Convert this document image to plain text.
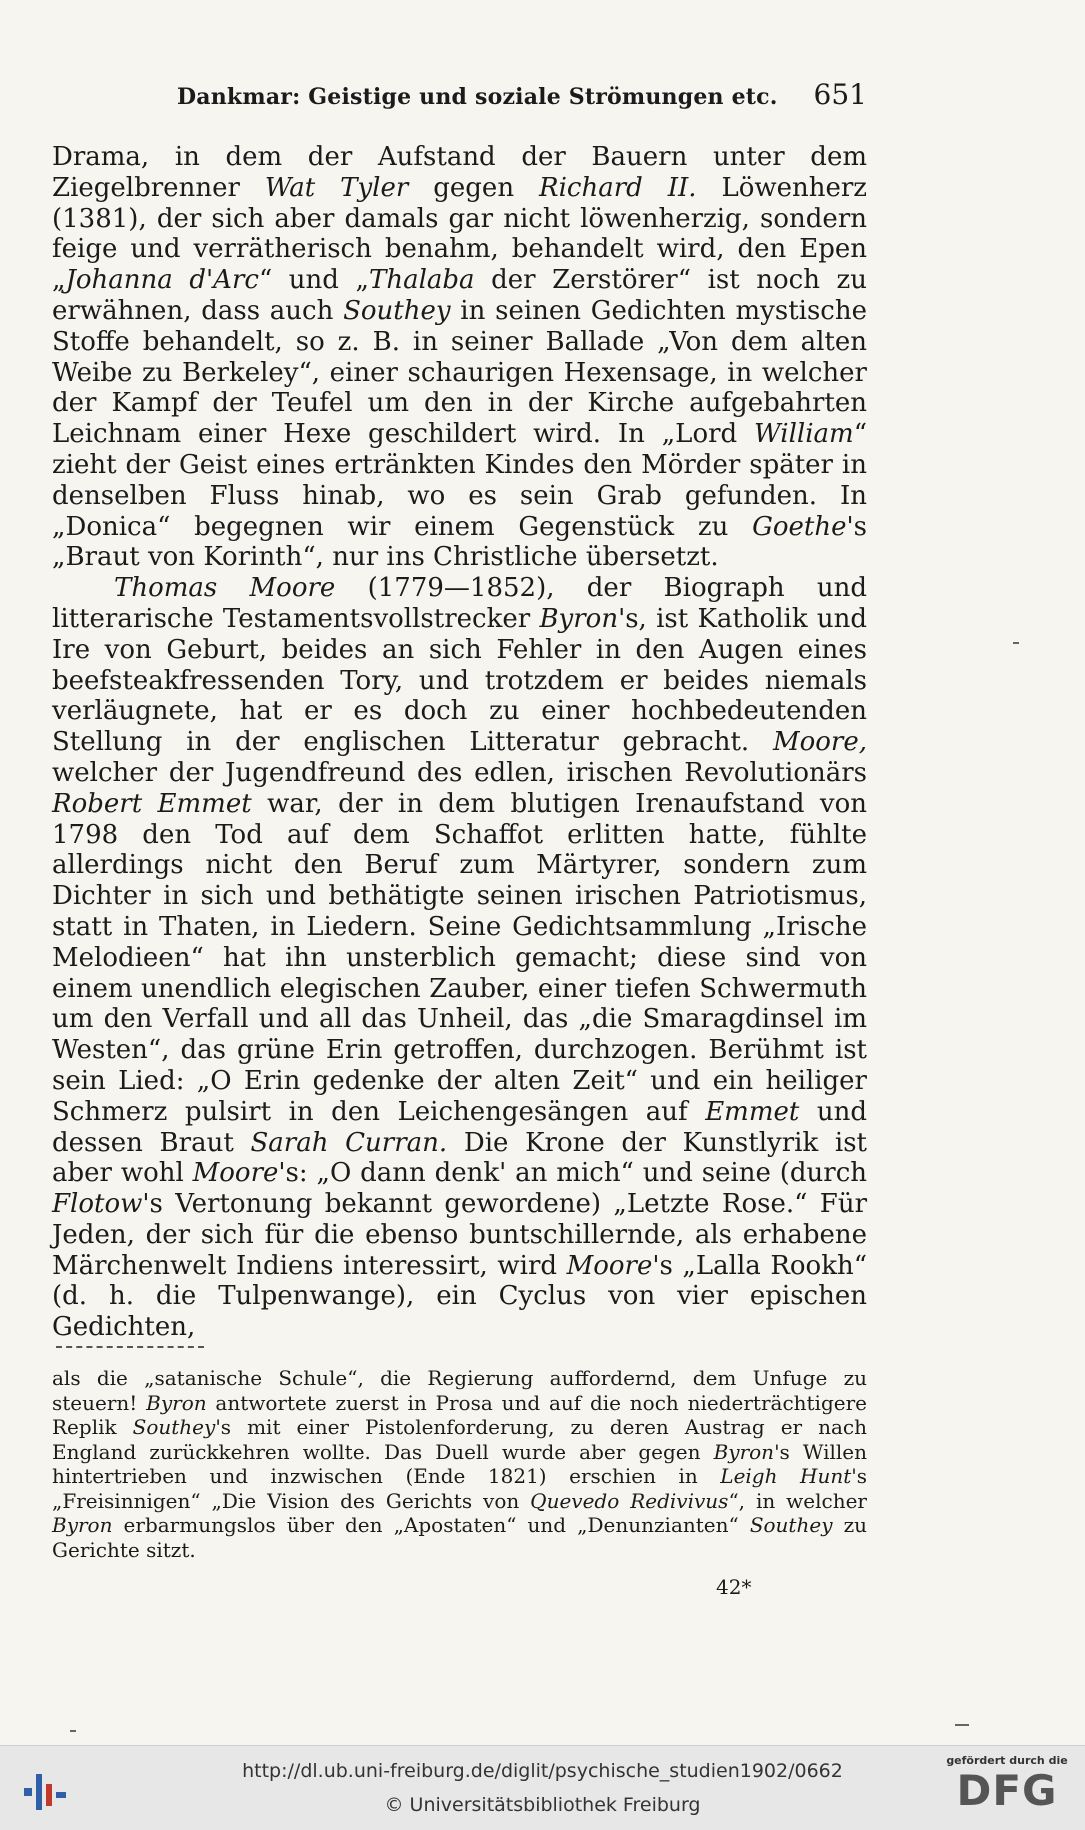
Dankmar: Geistige und soziale Strömungen etc. 651

Drama, in dem der Aufstand der Bauern unter dem Ziegelbrenner Wat Tyler gegen Richard II. Löwenherz (1381), der sich aber damals gar nicht löwenherzig, sondern feige und verrätherisch benahm, behandelt wird, den Epen „Johanna d'Arc“ und „Thalaba der Zerstörer“ ist noch zu erwähnen, dass auch Southey in seinen Gedichten mystische Stoffe behandelt, so z. B. in seiner Ballade „Von dem alten Weibe zu Berkeley“, einer schaurigen Hexensage, in welcher der Kampf der Teufel um den in der Kirche aufgebahrten Leichnam einer Hexe geschildert wird. In „Lord William“ zieht der Geist eines ertränkten Kindes den Mörder später in denselben Fluss hinab, wo es sein Grab gefunden. In „Donica“ begegnen wir einem Gegenstück zu Goethe's „Braut von Korinth“, nur ins Christliche übersetzt.

Thomas Moore (1779—1852), der Biograph und litterarische Testamentsvollstrecker Byron's, ist Katholik und Ire von Geburt, beides an sich Fehler in den Augen eines beefsteakfressenden Tory, und trotzdem er beides niemals verläugnete, hat er es doch zu einer hochbedeutenden Stellung in der englischen Litteratur gebracht. Moore, welcher der Jugendfreund des edlen, irischen Revolutionärs Robert Emmet war, der in dem blutigen Irenaufstand von 1798 den Tod auf dem Schaffot erlitten hatte, fühlte allerdings nicht den Beruf zum Märtyrer, sondern zum Dichter in sich und bethätigte seinen irischen Patriotismus, statt in Thaten, in Liedern. Seine Gedichtsammlung „Irische Melodieen“ hat ihn unsterblich gemacht; diese sind von einem unendlich elegischen Zauber, einer tiefen Schwermuth um den Verfall und all das Unheil, das „die Smaragdinsel im Westen“, das grüne Erin getroffen, durchzogen. Berühmt ist sein Lied: „O Erin gedenke der alten Zeit“ und ein heiliger Schmerz pulsirt in den Leichengesängen auf Emmet und dessen Braut Sarah Curran. Die Krone der Kunstlyrik ist aber wohl Moore's: „O dann denk' an mich“ und seine (durch Flotow's Vertonung bekannt gewordene) „Letzte Rose.“ Für Jeden, der sich für die ebenso buntschillernde, als erhabene Märchenwelt Indiens interessirt, wird Moore's „Lalla Rookh“ (d. h. die Tulpenwange), ein Cyclus von vier epischen Gedichten,

als die „satanische Schule“, die Regierung auffordernd, dem Unfuge zu steuern! Byron antwortete zuerst in Prosa und auf die noch niederträchtigere Replik Southey's mit einer Pistolenforderung, zu deren Austrag er nach England zurückkehren wollte. Das Duell wurde aber gegen Byron's Willen hintertrieben und inzwischen (Ende 1821) erschien in Leigh Hunt's „Freisinnigen“ „Die Vision des Gerichts von Quevedo Redivivus“, in welcher Byron erbarmungslos über den „Apostaten“ und „Denunzianten“ Southey zu Gerichte sitzt.

42*
http://dl.ub.uni-freiburg.de/diglit/psychische_studien1902/0662
© Universitätsbibliothek Freiburg
gefördert durch die
DFG
